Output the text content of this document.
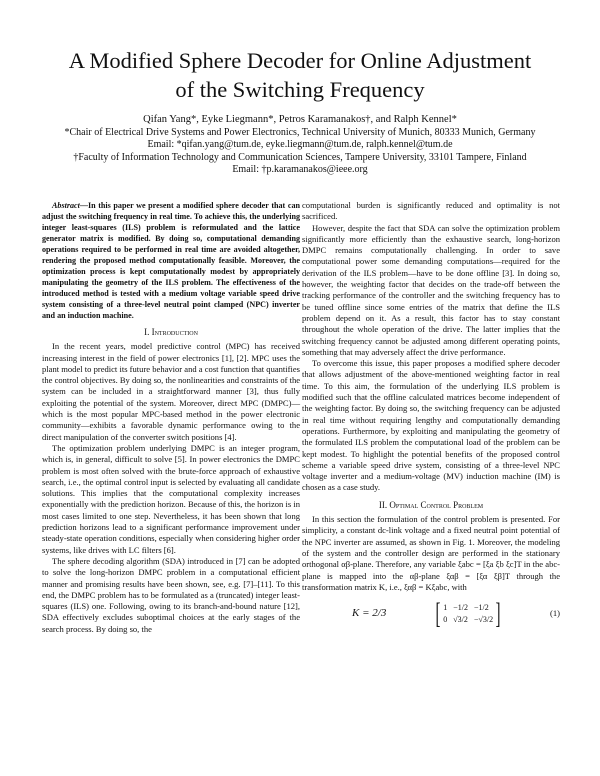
A Modified Sphere Decoder for Online Adjustment
of the Switching Frequency
Qifan Yang*, Eyke Liegmann*, Petros Karamanakos†, and Ralph Kennel*
*Chair of Electrical Drive Systems and Power Electronics, Technical University of Munich, 80333 Munich, Germany
Email: *qifan.yang@tum.de, eyke.liegmann@tum.de, ralph.kennel@tum.de
†Faculty of Information Technology and Communication Sciences, Tampere University, 33101 Tampere, Finland
Email: †p.karamanakos@ieee.org

Abstract—In this paper we present a modified sphere decoder that can adjust the switching frequency in real time. To achieve this, the underlying integer least-squares (ILS) problem is reformulated and the lattice generator matrix is modified. By doing so, computational demanding operations required to be performed in real time are avoided altogether, rendering the proposed method computationally feasible. Moreover, the optimization process is kept computationally modest by appropriately manipulating the geometry of the ILS problem. The effectiveness of the introduced method is tested with a medium voltage variable speed drive system consisting of a three-level neutral point clamped (NPC) inverter and an induction machine.

I. Introduction

In the recent years, model predictive control (MPC) has received increasing interest in the field of power electronics [1], [2]. MPC uses the plant model to predict its future behavior and a cost function that quantifies the control objectives. By doing so, the nonlinearities and constraints of the system can be included in a straightforward manner [3], thus fully exploiting the potential of the system. Moreover, direct MPC (DMPC)—which is the most popular MPC-based method in the power electronic community—exhibits a favorable dynamic performance owing to the direct manipulation of the converter switch positions [4].

The optimization problem underlying DMPC is an integer program, which is, in general, difficult to solve [5]. In power electronics the DMPC problem is most often solved with the brute-force approach of exhaustive search, i.e., the optimal control input is selected by evaluating all candidate solutions. This implies that the computational complexity increases exponentially with the prediction horizon. Because of this, the horizon is in most cases limited to one step. Nevertheless, it has been shown that long prediction horizons lead to a significant performance improvement under steady-state operation conditions, especially when considering higher order systems, like drives with LC filters [6].

The sphere decoding algorithm (SDA) introduced in [7] can be adopted to solve the long-horizon DMPC problem in a computational efficient manner and promising results have been shown, see, e.g. [7]–[11]. To this end, the DMPC problem has to be formulated as a (truncated) integer least-squares (ILS) one. Following, owing to its branch-and-bound nature [12], SDA effectively excludes suboptimal choices at the early stages of the search process. By doing so, the

computational burden is significantly reduced and optimality is not sacrificed.

However, despite the fact that SDA can solve the optimization problem significantly more efficiently than the exhaustive search, long-horizon DMPC remains computationally challenging. In order to save computational power some demanding computations—required for the derivation of the ILS problem—have to be done offline [3]. In doing so, however, the weighting factor that decides on the trade-off between the tracking performance of the controller and the switching frequency has to be tuned offline since some entries of the matrix that define the ILS problem depend on it. As a result, this factor has to stay constant throughout the whole operation of the drive. The latter implies that the switching frequency cannot be adjusted among different operating points, something that may adversely affect the drive performance.

To overcome this issue, this paper proposes a modified sphere decoder that allows adjustment of the above-mentioned weighting factor in real time. To this aim, the formulation of the underlying ILS problem is modified such that the offline calculated matrices become independent of the weighting factor. By doing so, the switching frequency can be adjusted in real time without requiring lengthy and computationally demanding operations. Furthermore, by exploiting and manipulating the geometry of the formulated ILS problem the computational load of the problem can be kept modest. To highlight the potential benefits of the proposed control scheme a variable speed drive system, consisting of a three-level NPC voltage inverter and a medium-voltage (MV) induction machine (IM) is chosen as a case study.

II. Optimal Control Problem

In this section the formulation of the control problem is presented. For simplicity, a constant dc-link voltage and a fixed neutral point potential of the NPC inverter are assumed, as shown in Fig. 1. Moreover, the modeling of the system and the controller design are performed in the stationary orthogonal αβ-plane. Therefore, any variable ξabc = [ξa ξb ξc]T in the abc-plane is mapped into the αβ-plane ξαβ = [ξα ξβ]T through the transformation matrix K, i.e., ξαβ = Kξabc, with

K = 2/3 [ 1 −1/2 −1/2
0 √3/2 −√3/2 ]	(1)
